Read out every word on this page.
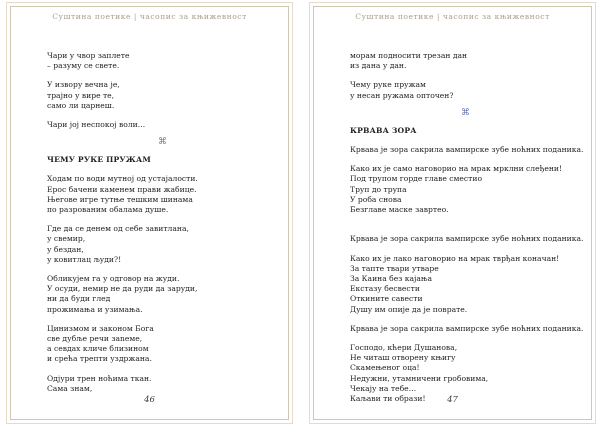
Суштина поетике | часопис за књижевност
Чари у чвор заплете
– разуму се свете.
У извору вечна је,
трајно у вире те,
само ли царнеш.
Чари јој неспокој воли…
⌘
ЧЕМУ РУКЕ ПРУЖАМ
Ходам по води мутној од устаjалости.
Ерос бачени каменем прави жабице.
Његове игре тутње тешким шинама
по разрованим обалама душе.
Где да се денем од себе завитлана,
у свемир,
у бездан,
у ковитлац људи?!
Обликујем га у одговор на жуди.
У осуди, немир не да руди да заруди,
ни да буди глед
прожимања и узимања.
Цинизмом и законом Бога
све дубље речи заneме,
а севдах кличе близином
и срећа трепти уздржана.
Одјури трен ноћима ткан.
Сама знам,
46
Суштина поетике | часопис за књижевност
морам подносити трезан дан
из дана у дан.
Чему руке пружам
у несан ружама опточен?
⌘
КРВАВА ЗОРА
Крвава је зора сакрила вампирске зубе ноћних поданика.
Како их је само наговорио на мрак мрклни слеђени!
Под трупом горде главе сместио
Труп до трупа
У роба снова
Безглаве маске завртео.
Крвава је зора сакрила вампирске зубе ноћних поданика.
Како их је лако наговорио на мрак тврђан коначан!
За тапте твари утваре
За Каина без кајања
Екстазу бесвести
Откините савести
Душу им опије да је поврате.
Крвава је зора сакрила вампирске зубе ноћних поданика.
Господо, кћери Душанова,
Не читаш отворену књигу
Скамењеног оца!
Недужни, утамничени гробовима,
Чекају на тебе…
Каљави ти образи!	47
